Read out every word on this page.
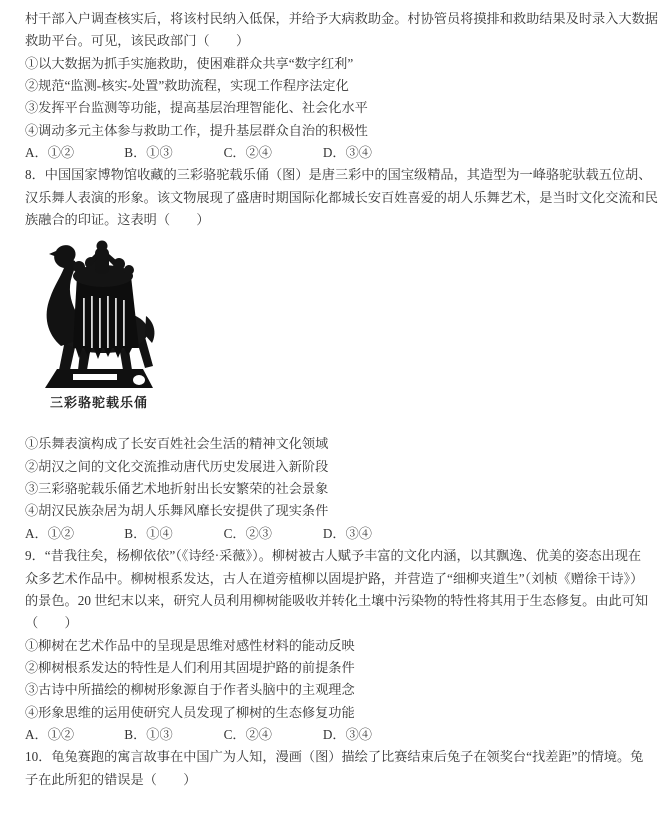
村干部入户调查核实后，将该村民纳入低保，并给予大病救助金。村协管员将摸排和救助结果及时录入大数据
救助平台。可见，该民政部门（　　）
①以大数据为抓手实施救助，使困难群众共享“数字红利”
②规范“监测-核实-处置”救助流程，实现工作程序法定化
③发挥平台监测等功能，提高基层治理智能化、社会化水平
④调动多元主体参与救助工作，提升基层群众自治的积极性
A．①②	B．①③	C．②④	D．③④
8．中国国家博物馆收藏的三彩骆驼载乐俑（图）是唐三彩中的国宝级精品，其造型为一峰骆驼驮载五位胡、
汉乐舞人表演的形象。该文物展现了盛唐时期国际化都城长安百姓喜爱的胡人乐舞艺术，是当时文化交流和民
族融合的印证。这表明（　　）
三彩骆驼载乐俑
①乐舞表演构成了长安百姓社会生活的精神文化领域
②胡汉之间的文化交流推动唐代历史发展进入新阶段
③三彩骆驼载乐俑艺术地折射出长安繁荣的社会景象
④胡汉民族杂居为胡人乐舞风靡长安提供了现实条件
A．①②	B．①④	C．②③	D．③④
9．“昔我往矣，杨柳依依”（《诗经·采薇》）。柳树被古人赋予丰富的文化内涵，以其飘逸、优美的姿态出现在
众多艺术作品中。柳树根系发达，古人在道旁植柳以固堤护路，并营造了“细柳夹道生”（刘桢《赠徐干诗》）
的景色。20 世纪末以来，研究人员利用柳树能吸收并转化土壤中污染物的特性将其用于生态修复。由此可知
（　　）
①柳树在艺术作品中的呈现是思维对感性材料的能动反映
②柳树根系发达的特性是人们利用其固堤护路的前提条件
③古诗中所描绘的柳树形象源自于作者头脑中的主观理念
④形象思维的运用使研究人员发现了柳树的生态修复功能
A．①②	B．①③	C．②④	D．③④
10．龟兔赛跑的寓言故事在中国广为人知，漫画（图）描绘了比赛结束后兔子在领奖台“找差距”的情境。兔
子在此所犯的错误是（　　）
